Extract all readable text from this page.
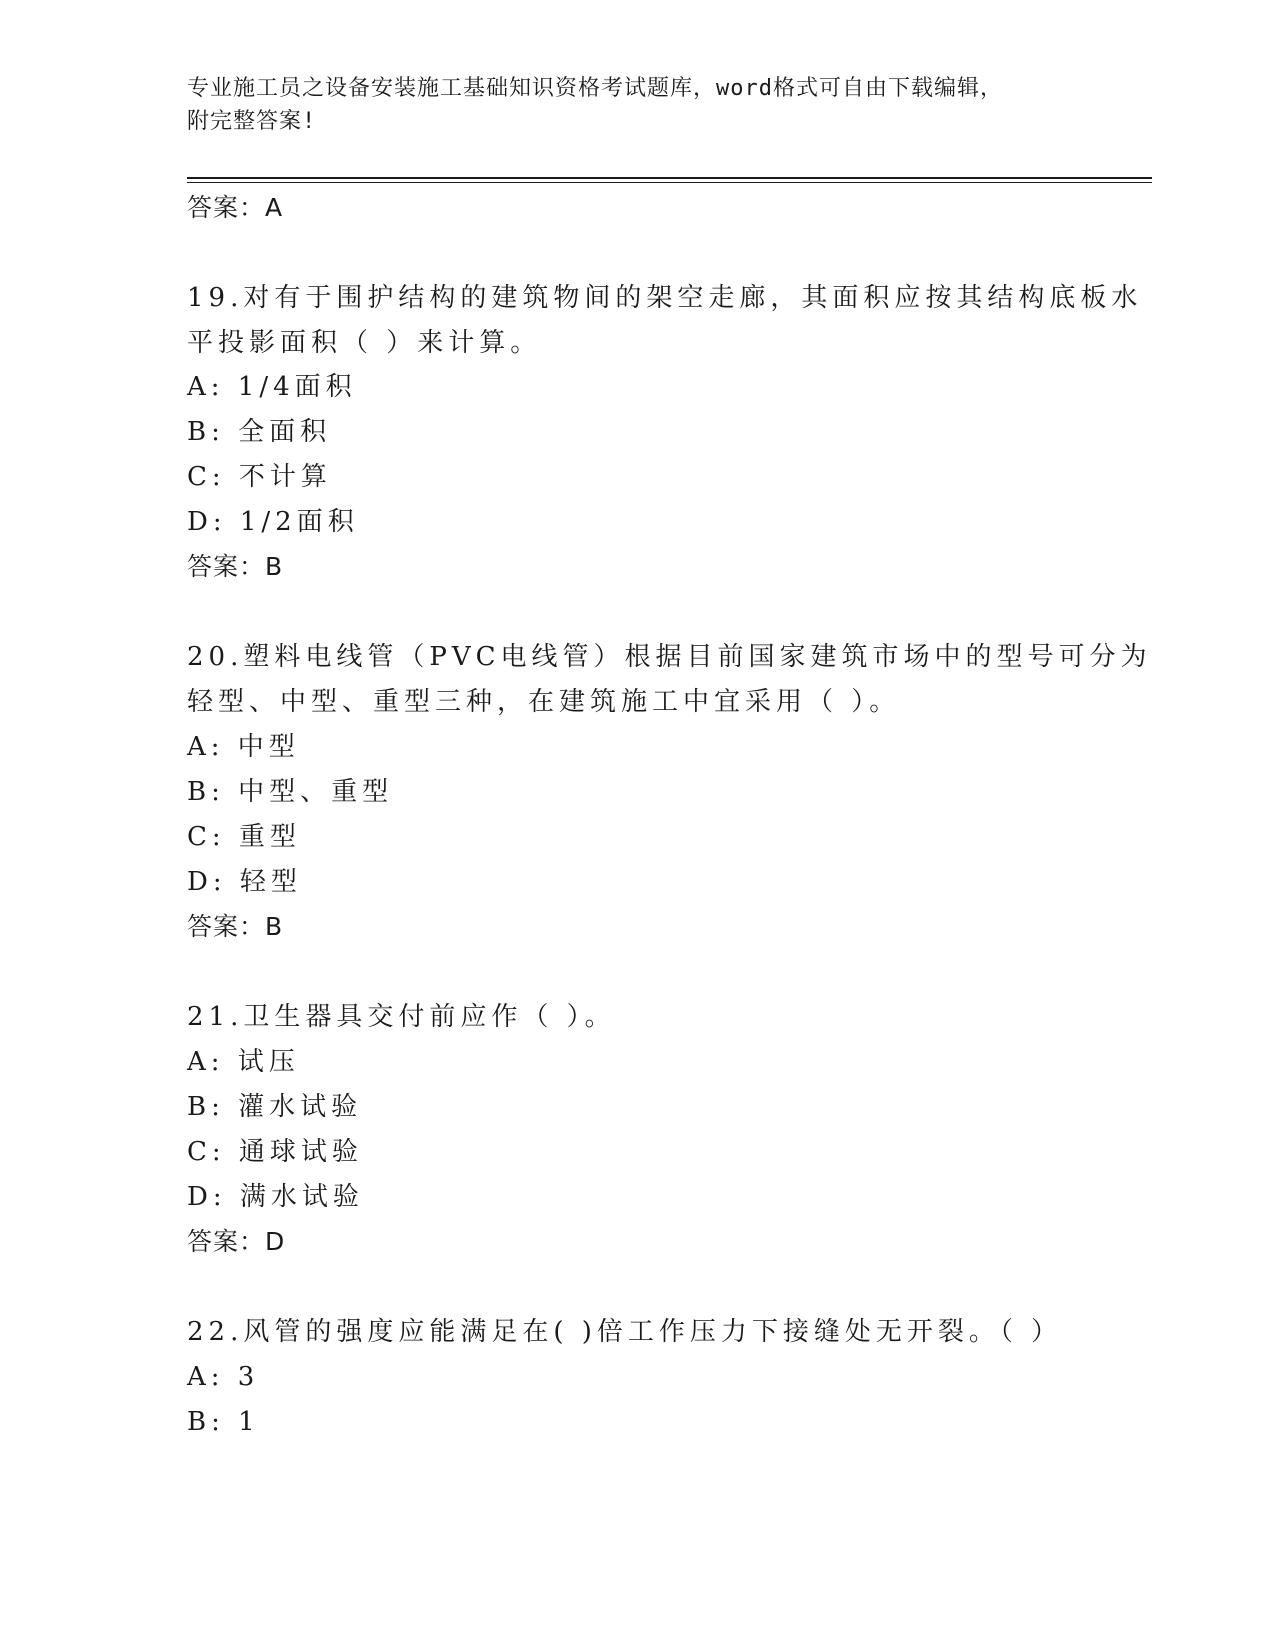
专业施工员之设备安装施工基础知识资格考试题库，word格式可自由下载编辑，
附完整答案!
答案：A
19.对有于围护结构的建筑物间的架空走廊，其面积应按其结构底板水
平投影面积（ ）来计算。
A: 1/4面积
B: 全面积
C: 不计算
D: 1/2面积
答案：B
20.塑料电线管（PVC电线管）根据目前国家建筑市场中的型号可分为
轻型、中型、重型三种，在建筑施工中宜采用（ ）。
A: 中型
B: 中型、重型
C: 重型
D: 轻型
答案：B
21.卫生器具交付前应作（ ）。
A: 试压
B: 灌水试验
C: 通球试验
D: 满水试验
答案：D
22.风管的强度应能满足在( )倍工作压力下接缝处无开裂。（ ）
A: 3
B: 1
